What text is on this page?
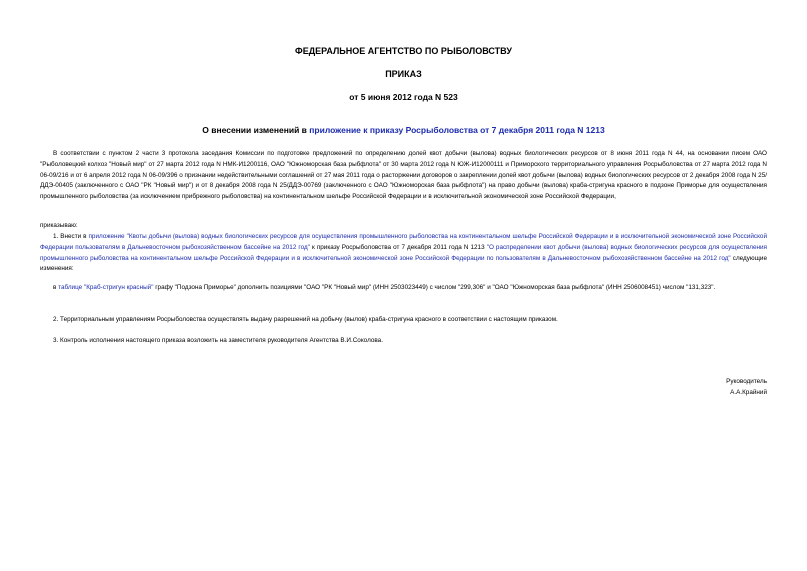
ФЕДЕРАЛЬНОЕ АГЕНТСТВО ПО РЫБОЛОВСТВУ
ПРИКАЗ
от 5 июня 2012 года N 523
О внесении изменений в приложение к приказу Росрыболовства от 7 декабря 2011 года N 1213

В соответствии с пунктом 2 части 3 протокола заседания Комиссии по подготовке предложений по определению долей квот добычи (вылова) водных биологических ресурсов от 8 июня 2011 года N 44, на основании писем ОАО "Рыболовецкий колхоз "Новый мир" от 27 марта 2012 года N НМК-И1200116, ОАО "Южноморская база рыбфлота" от 30 марта 2012 года N ЮЖ-И12000111 и Приморского территориального управления Росрыболовства от 27 марта 2012 года N 06-09/216 и от 6 апреля 2012 года N 06-09/396 о признании недействительными соглашений от 27 мая 2011 года о расторжении договоров о закреплении долей квот добычи (вылова) водных биологических ресурсов от 2 декабря 2008 года N 25/ДДЭ-00405 (заключенного с ОАО "РК "Новый мир") и от 8 декабря 2008 года N 25/ДДЭ-00769 (заключенного с ОАО "Южноморская база рыбфлота") на право добычи (вылова) краба-стригуна красного в подзоне Приморье для осуществления промышленного рыболовства (за исключением прибрежного рыболовства) на континентальном шельфе Российской Федерации и в исключительной экономической зоне Российской Федерации,

приказываю:

1. Внести в приложение "Квоты добычи (вылова) водных биологических ресурсов для осуществления промышленного рыболовства на континентальном шельфе Российской Федерации и в исключительной экономической зоне Российской Федерации пользователям в Дальневосточном рыбохозяйственном бассейне на 2012 год" к приказу Росрыболовства от 7 декабря 2011 года N 1213 "О распределении квот добычи (вылова) водных биологических ресурсов для осуществления промышленного рыболовства на континентальном шельфе Российской Федерации и в исключительной экономической зоне Российской Федерации по пользователям в Дальневосточном рыбохозяйственном бассейне на 2012 год" следующие изменения:

в таблице "Краб-стригун красный" графу "Подзона Приморье" дополнить позициями "ОАО "РК "Новый мир" (ИНН 2503023449) с числом "299,306" и "ОАО "Южноморская база рыбфлота" (ИНН 2506008451) числом "131,323".

2. Территориальным управлениям Росрыболовства осуществлять выдачу разрешений на добычу (вылов) краба-стригуна красного в соответствии с настоящим приказом.

3. Контроль исполнения настоящего приказа возложить на заместителя руководителя Агентства В.И.Соколова.

Руководитель
А.А.Крайний
